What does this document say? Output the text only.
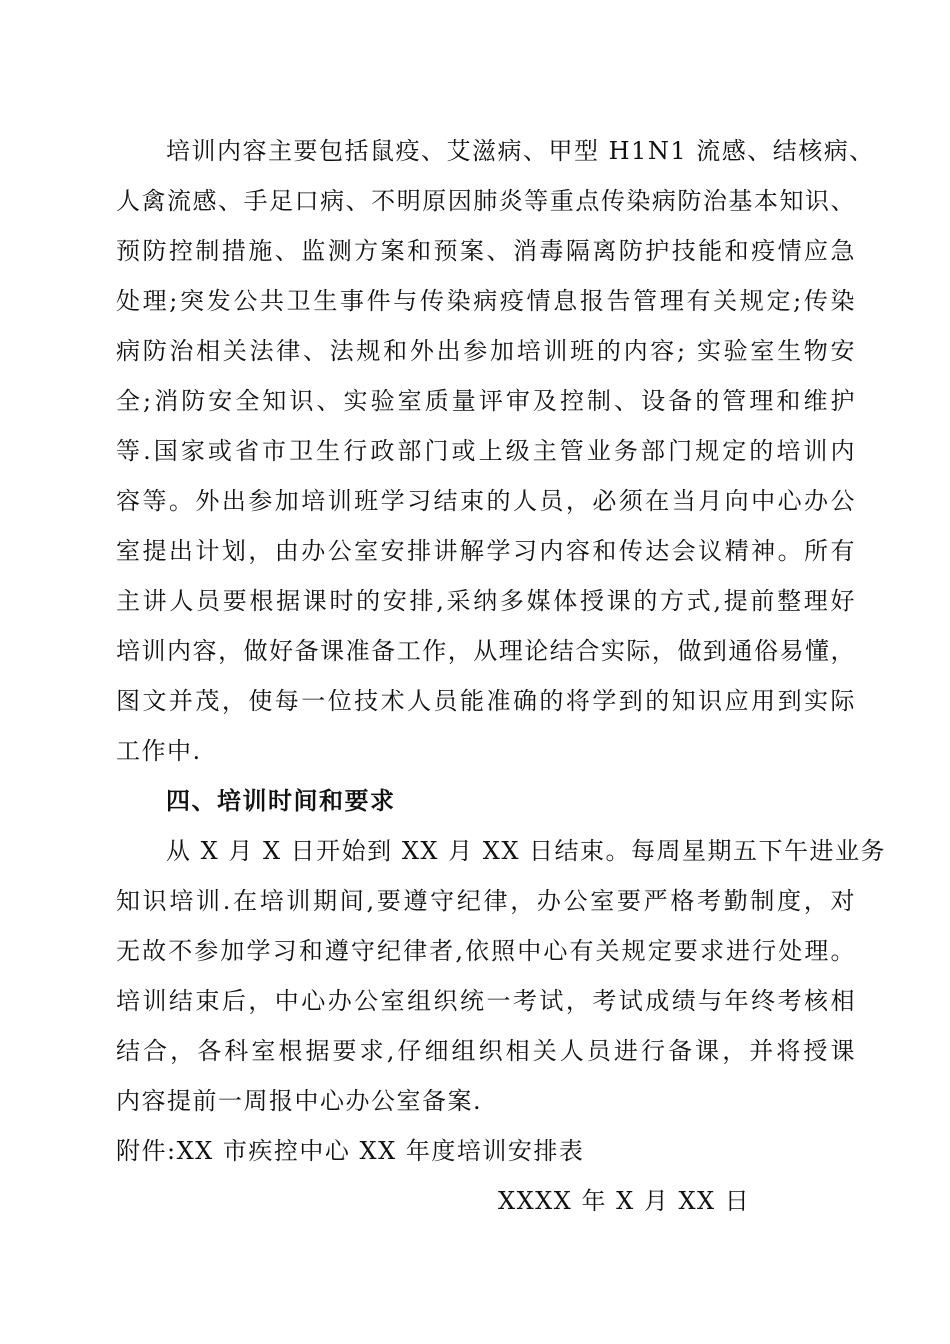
培训内容主要包括鼠疫、艾滋病、甲型 H1N1 流感、结核病、
人禽流感、手足口病、不明原因肺炎等重点传染病防治基本知识、
预防控制措施、监测方案和预案、消毒隔离防护技能和疫情应急
处理;突发公共卫生事件与传染病疫情息报告管理有关规定;传染
病防治相关法律、法规和外出参加培训班的内容; 实验室生物安
全;消防安全知识、实验室质量评审及控制、设备的管理和维护
等.国家或省市卫生行政部门或上级主管业务部门规定的培训内
容等。外出参加培训班学习结束的人员，必须在当月向中心办公
室提出计划，由办公室安排讲解学习内容和传达会议精神。所有
主讲人员要根据课时的安排,采纳多媒体授课的方式,提前整理好
培训内容，做好备课准备工作，从理论结合实际，做到通俗易懂，
图文并茂，使每一位技术人员能准确的将学到的知识应用到实际
工作中.
四、培训时间和要求
从 X 月 X 日开始到 XX 月 XX 日结束。每周星期五下午进业务
知识培训.在培训期间,要遵守纪律，办公室要严格考勤制度，对
无故不参加学习和遵守纪律者,依照中心有关规定要求进行处理。
培训结束后，中心办公室组织统一考试，考试成绩与年终考核相
结合，各科室根据要求,仔细组织相关人员进行备课，并将授课
内容提前一周报中心办公室备案.
附件:XX 市疾控中心 XX 年度培训安排表
XXXX 年 X 月 XX 日
